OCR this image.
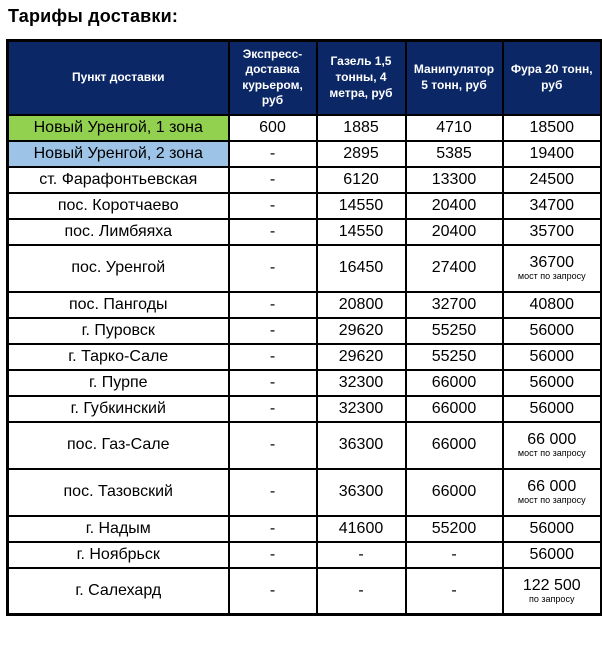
Тарифы доставки:
Пункт доставки	Экспресс-доставка курьером, руб	Газель 1,5 тонны, 4 метра, руб	Манипулятор 5 тонн, руб	Фура 20 тонн, руб
Новый Уренгой, 1 зона	600	1885	4710	18500

Новый Уренгой, 2 зона	-	2895	5385	19400

ст. Фарафонтьевская	-	6120	13300	24500

пос. Коротчаево	-	14550	20400	34700

пос. Лимбяяха	-	14550	20400	35700

пос. Уренгой	-	16450	27400	36700
мост по запросу

пос. Пангоды	-	20800	32700	40800

г. Пуровск	-	29620	55250	56000

г. Тарко-Сале	-	29620	55250	56000

г. Пурпе	-	32300	66000	56000

г. Губкинский	-	32300	66000	56000

пос. Газ-Сале	-	36300	66000	66 000
мост по запросу

пос. Тазовский	-	36300	66000	66 000
мост по запросу

г. Надым	-	41600	55200	56000

г. Ноябрьск	-	-	-	56000

г. Салехард	-	-	-	122 500
по запросу
